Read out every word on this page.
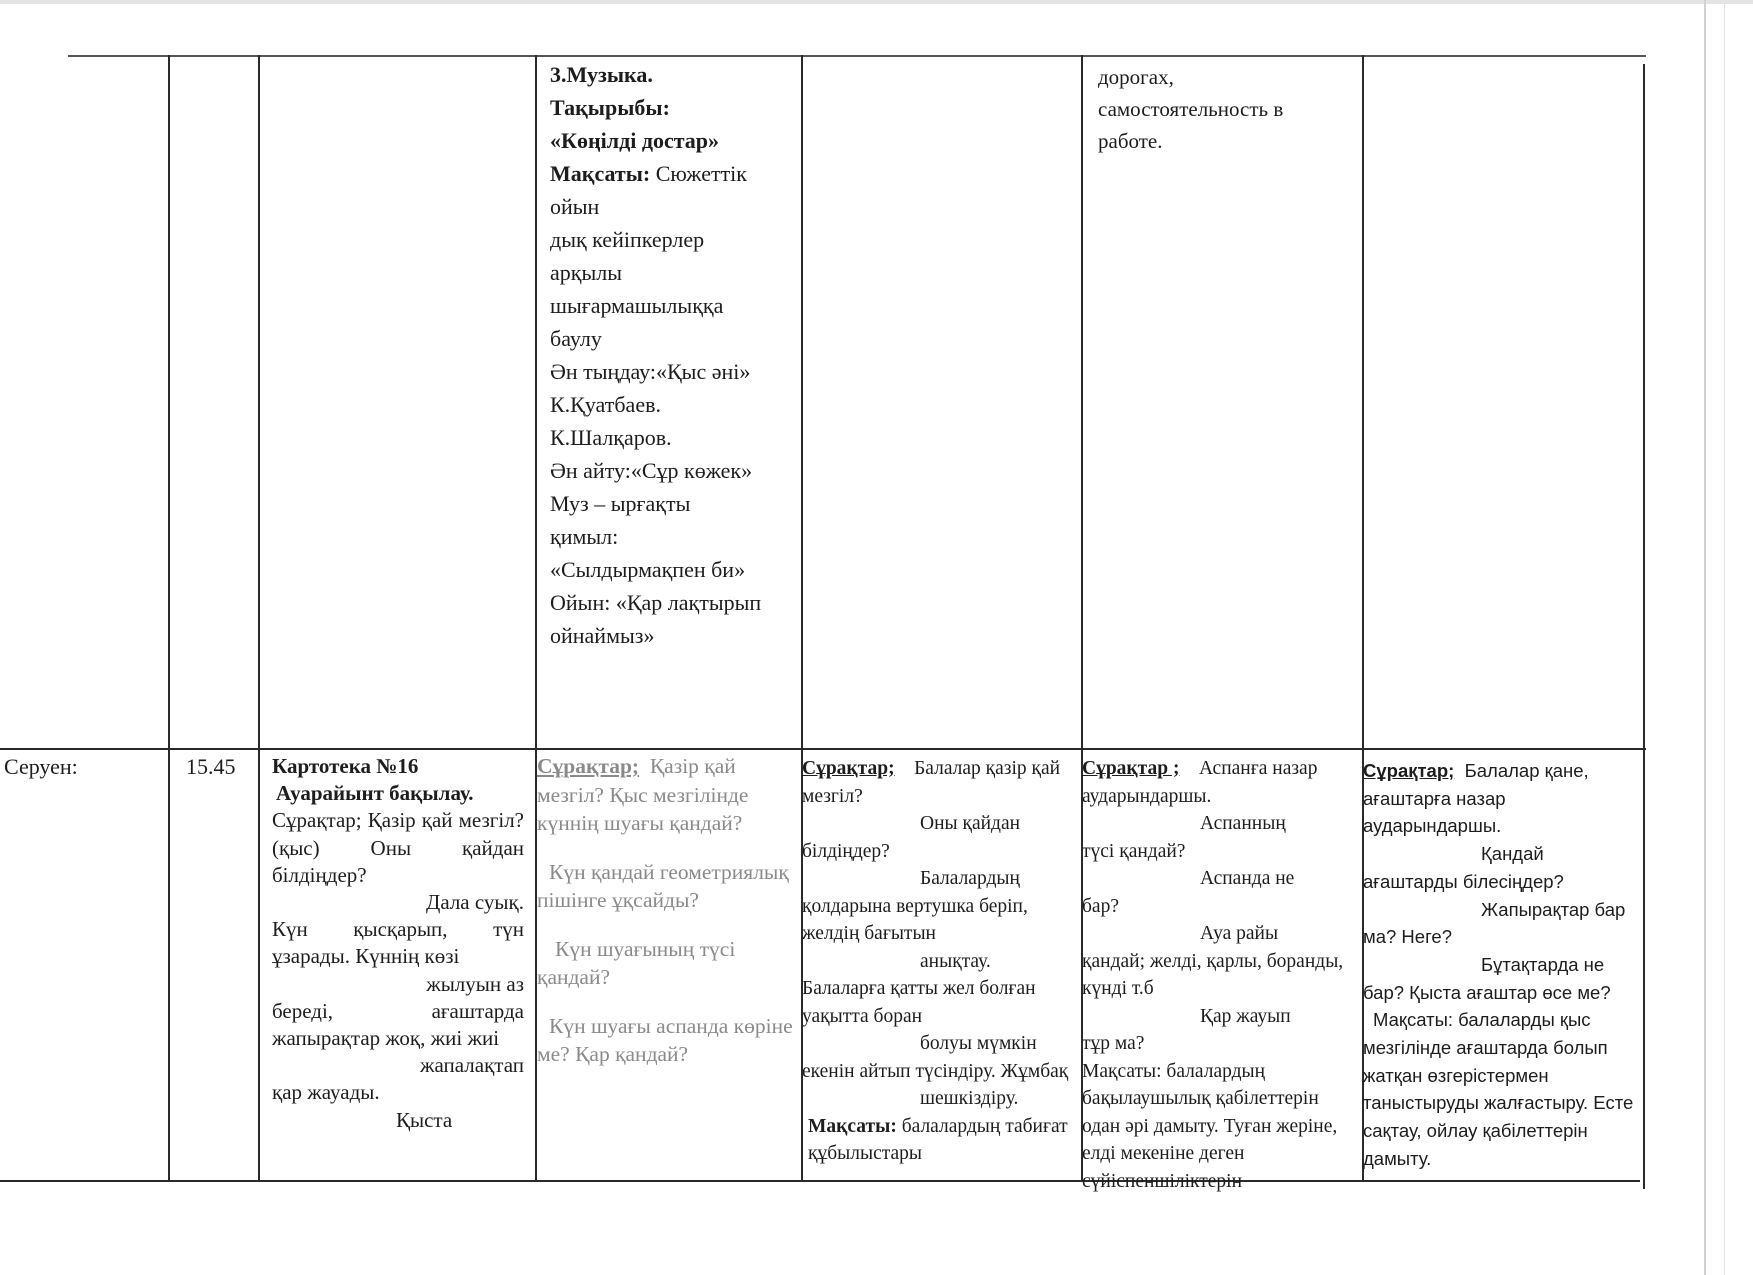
3.Музыка.

Тақырыбы:

«Көңілді достар»

Мақсаты: Сюжеттік ойын

дық кейіпкерлер

арқылы

шығармашылыққа

баулу

Ән тыңдау:«Қыс әні»

К.Қуатбаев.

К.Шалқаров.

Ән айту:«Сұр көжек»

Муз – ырғақты

қимыл:

«Сылдырмақпен би»

Ойын: «Қар лақтырып

ойнаймыз»

дорогах,

самостоятельность в

работе.

Серуен:	15.45	Картотека №16

Ауарайынт бақылау.

Сұрақтар; Қазір қай мезгіл? (қыс) Оны қайдан білдіңдер?

Дала суық.

Күн қысқарып, түн ұзарады. Күннің көзі

жылуын аз

береді, ағаштарда жапырақтар жоқ, жиі жиі

жапалақтап

қар жауады.

Қыста

Сұрақтар; Қазір қай мезгіл? Қыс мезгілінде күннің шуағы қандай?

Күн қандай геометриялық пішінге ұқсайды?

Күн шуағының түсі қандай?

Күн шуағы аспанда көріне ме? Қар қандай?

Сұрақтар; Балалар қазір қай мезгіл?

Оны қайдан

білдіңдер?

Балалардың

қолдарына вертушка беріп, желдің бағытын

анықтау.

Балаларға қатты жел болған уақытта боран

болуы мүмкін

екенін айтып түсіндіру. Жұмбақ

шешкіздіру.

Мақсаты: балалардың табиғат құбылыстары

Сұрақтар ; Аспанға назар аударындаршы.

Аспанның

түсі қандай?

Аспанда не

бар?

Ауа райы

қандай; желді, қарлы, боранды, күнді т.б

Қар жауып

тұр ма?

Мақсаты: балалардың бақылаушылық қабілеттерін одан әрі дамыту. Туған жеріне, елді мекеніне деген сүйіспеншіліктерін

Сұрақтар; Балалар қане, ағаштарға назар аударындаршы.

Қандай

ағаштарды білесіңдер?

Жапырақтар бар

ма? Неге?

Бұтақтарда не

бар? Қыста ағаштар өсе ме?

Мақсаты: балаларды қыс мезгілінде ағаштарда болып жатқан өзгерістермен таныстыруды жалғастыру. Есте сақтау, ойлау қабілеттерін дамыту.
